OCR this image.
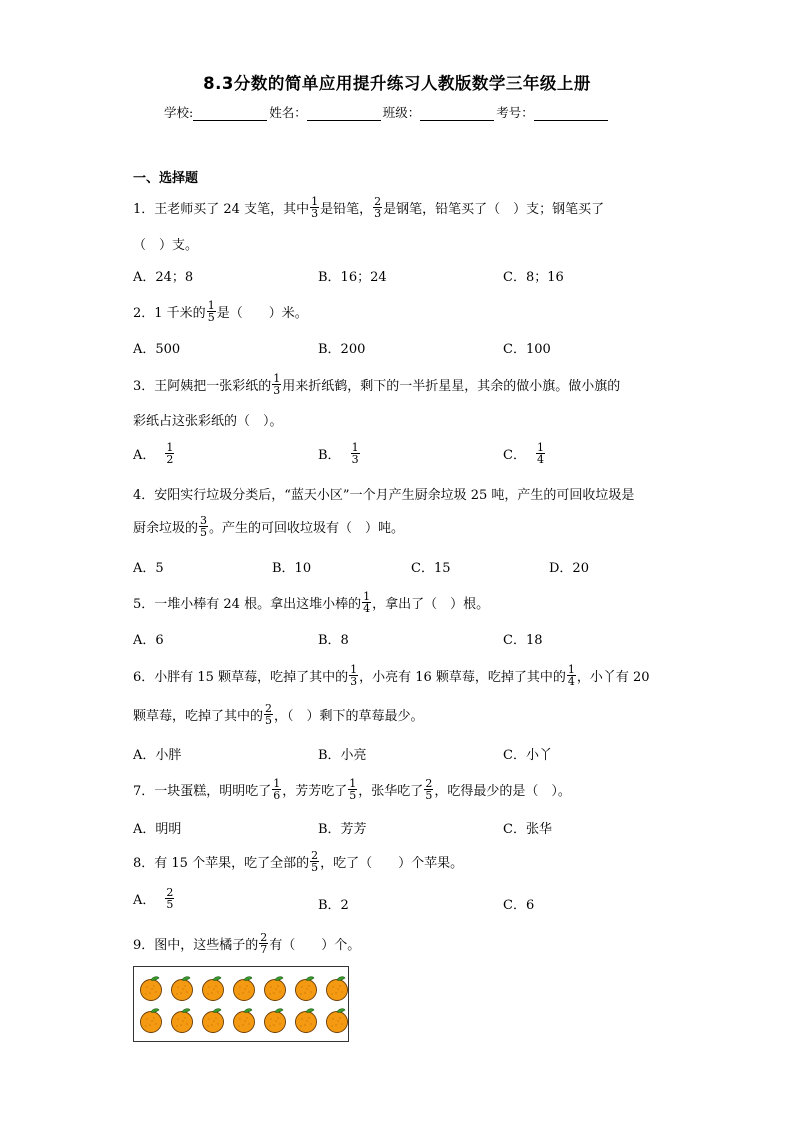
8.3分数的简单应用提升练习人教版数学三年级上册
学校:	姓名：	班级：	考号：
一、选择题
1．王老师买了 24 支笔，其中 $\frac{1}{3}$ 是铅笔， $\frac{2}{3}$ 是钢笔，铅笔买了（　）支；钢笔买了
（　）支。
A．24；8	B．16；24	C．8；16
2．1 千米的 $\frac{1}{5}$ 是（　　）米。
A．500	B．200	C．100
3．王阿姨把一张彩纸的 $\frac{1}{3}$ 用来折纸鹤，剩下的一半折星星，其余的做小旗。做小旗的
彩纸占这张彩纸的（　）。
A． $\frac{1}{2}$	B． $\frac{1}{3}$	C． $\frac{1}{4}$
4．安阳实行垃圾分类后，“蓝天小区”一个月产生厨余垃圾 25 吨，产生的可回收垃圾是
厨余垃圾的 $\frac{3}{5}$ 。产生的可回收垃圾有（　）吨。
A．5	B．10	C．15	D．20
5．一堆小棒有 24 根。拿出这堆小棒的 $\frac{1}{4}$ ，拿出了（　）根。
A．6	B．8	C．18
6．小胖有 15 颗草莓，吃掉了其中的 $\frac{1}{3}$ ，小亮有 16 颗草莓，吃掉了其中的 $\frac{1}{4}$ ，小丫有 20
颗草莓，吃掉了其中的 $\frac{2}{5}$ ，（　）剩下的草莓最少。
A．小胖	B．小亮	C．小丫
7．一块蛋糕，明明吃了 $\frac{1}{6}$ ，芳芳吃了 $\frac{1}{5}$ ，张华吃了 $\frac{2}{5}$ ，吃得最少的是（　）。
A．明明	B．芳芳	C．张华
8．有 15 个苹果，吃了全部的 $\frac{2}{5}$ ，吃了（　　）个苹果。
A． $\frac{2}{5}$	B．2	C．6
9．图中，这些橘子的 $\frac{2}{7}$ 有（　　）个。
